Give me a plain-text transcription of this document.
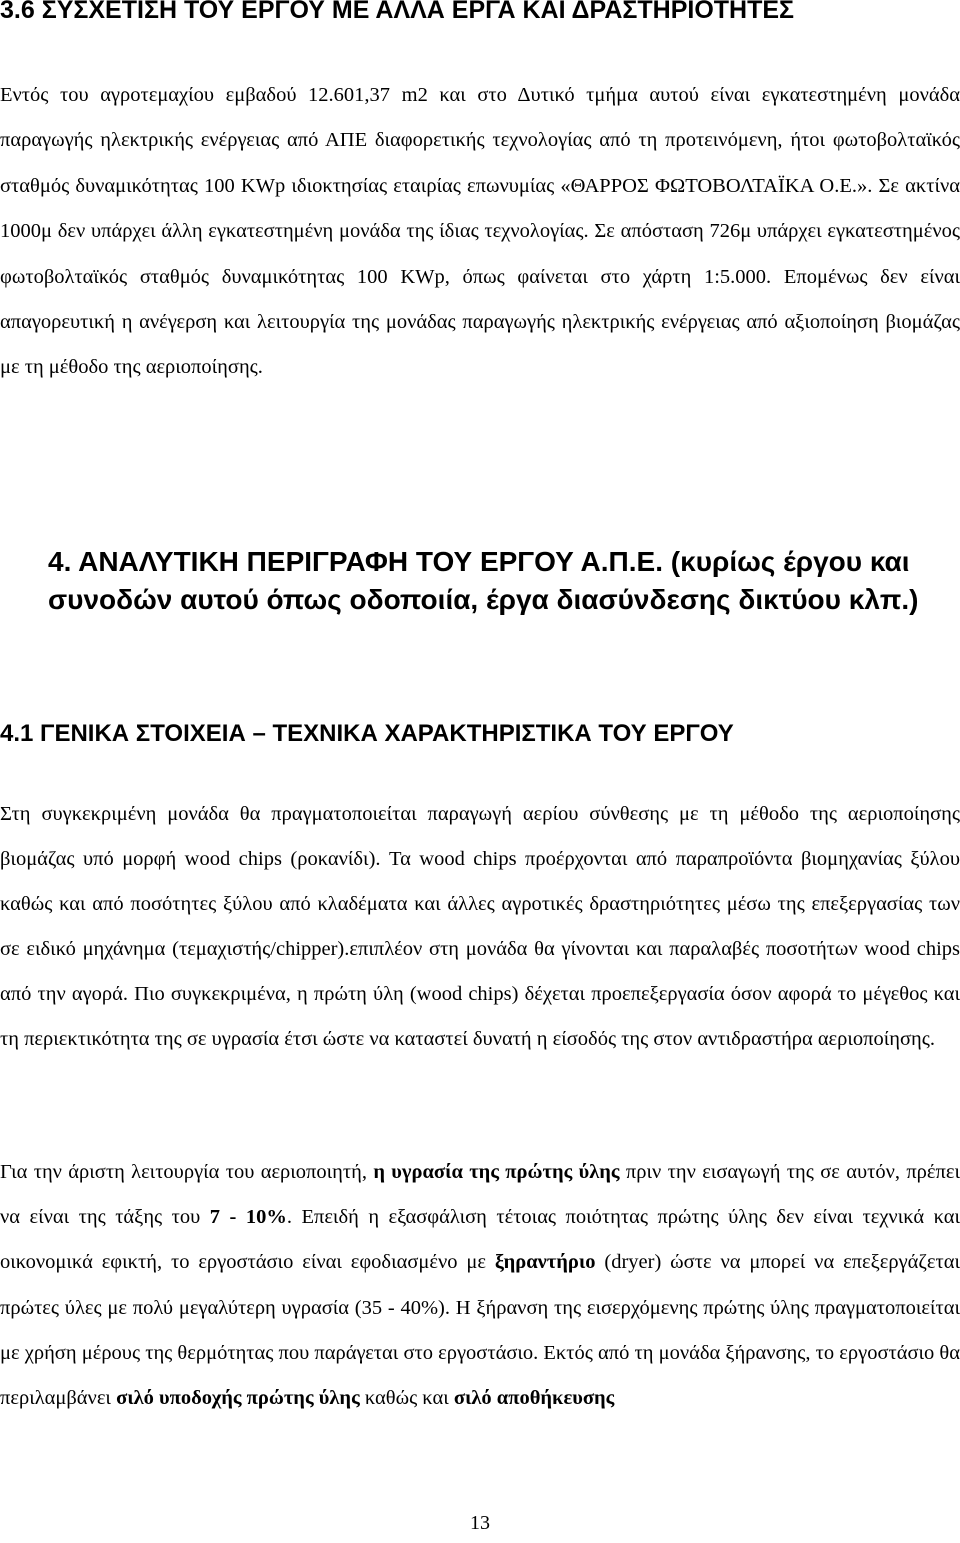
3.6 ΣΥΣΧΕΤΙΣΗ ΤΟΥ ΕΡΓΟΥ ΜΕ ΑΛΛΑ ΕΡΓΑ ΚΑΙ ΔΡΑΣΤΗΡΙΟΤΗΤΕΣ

Εντός του αγροτεμαχίου εμβαδού 12.601,37 m2 και στο Δυτικό τμήμα αυτού είναι εγκατεστημένη μονάδα παραγωγής ηλεκτρικής ενέργειας από ΑΠΕ διαφορετικής τεχνολογίας από τη προτεινόμενη, ήτοι φωτοβολταϊκός σταθμός δυναμικότητας 100 KWp ιδιοκτησίας εταιρίας επωνυμίας «ΘΑΡΡΟΣ ΦΩΤΟΒΟΛΤΑΪΚΑ Ο.Ε.». Σε ακτίνα 1000μ δεν υπάρχει άλλη εγκατεστημένη μονάδα της ίδιας τεχνολογίας. Σε απόσταση 726μ υπάρχει εγκατεστημένος φωτοβολταϊκός σταθμός δυναμικότητας 100 KWp, όπως φαίνεται στο χάρτη 1:5.000. Επομένως δεν είναι απαγορευτική η ανέγερση και λειτουργία της μονάδας παραγωγής ηλεκτρικής ενέργειας από αξιοποίηση βιομάζας με τη μέθοδο της αεριοποίησης.

4. ΑΝΑΛΥΤΙΚΗ ΠΕΡΙΓΡΑΦΗ ΤΟΥ ΕΡΓΟΥ Α.Π.Ε. (κυρίως έργου και συνοδών αυτού όπως οδοποιία, έργα διασύνδεσης δικτύου κλπ.)
4.1 ΓΕΝΙΚΑ ΣΤΟΙΧΕΙΑ – ΤΕΧΝΙΚΑ ΧΑΡΑΚΤΗΡΙΣΤΙΚΑ ΤΟΥ ΕΡΓΟΥ

Στη συγκεκριμένη μονάδα θα πραγματοποιείται παραγωγή αερίου σύνθεσης με τη μέθοδο της αεριοποίησης βιομάζας υπό μορφή wood chips (ροκανίδι). Τα wood chips προέρχονται από παραπροϊόντα βιομηχανίας ξύλου καθώς και από ποσότητες ξύλου από κλαδέματα και άλλες αγροτικές δραστηριότητες μέσω της επεξεργασίας των σε ειδικό μηχάνημα (τεμαχιστής/chipper).επιπλέον στη μονάδα θα γίνονται και παραλαβές ποσοτήτων wood chips από την αγορά. Πιο συγκεκριμένα, η πρώτη ύλη (wood chips) δέχεται προεπεξεργασία όσον αφορά το μέγεθος και τη περιεκτικότητα της σε υγρασία έτσι ώστε να καταστεί δυνατή η είσοδός της στον αντιδραστήρα αεριοποίησης.

Για την άριστη λειτουργία του αεριοποιητή, η υγρασία της πρώτης ύλης πριν την εισαγωγή της σε αυτόν, πρέπει να είναι της τάξης του 7 - 10%. Επειδή η εξασφάλιση τέτοιας ποιότητας πρώτης ύλης δεν είναι τεχνικά και οικονομικά εφικτή, το εργοστάσιο είναι εφοδιασμένο με ξηραντήριο (dryer) ώστε να μπορεί να επεξεργάζεται πρώτες ύλες με πολύ μεγαλύτερη υγρασία (35 - 40%). Η ξήρανση της εισερχόμενης πρώτης ύλης πραγματοποιείται με χρήση μέρους της θερμότητας που παράγεται στο εργοστάσιο. Εκτός από τη μονάδα ξήρανσης, το εργοστάσιο θα περιλαμβάνει σιλό υποδοχής πρώτης ύλης καθώς και σιλό αποθήκευσης

13
